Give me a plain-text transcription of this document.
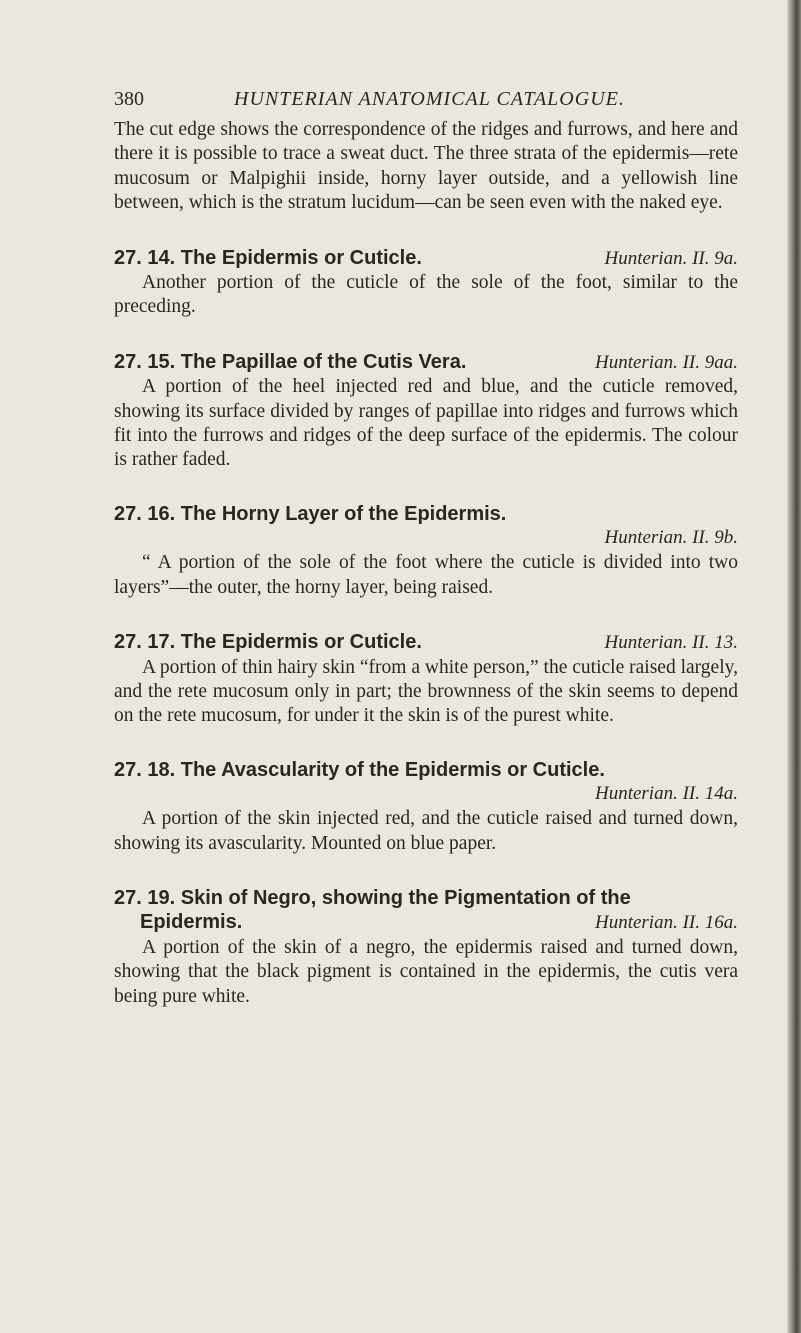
380	HUNTERIAN ANATOMICAL CATALOGUE.

The cut edge shows the correspondence of the ridges and furrows, and here and there it is possible to trace a sweat duct. The three strata of the epidermis—rete mucosum or Malpighii inside, horny layer outside, and a yellowish line between, which is the stratum lucidum—can be seen even with the naked eye.

27. 14. The Epidermis or Cuticle.	Hunterian. II. 9a.

Another portion of the cuticle of the sole of the foot, similar to the preceding.

27. 15. The Papillae of the Cutis Vera.	Hunterian. II. 9aa.

A portion of the heel injected red and blue, and the cuticle removed, showing its surface divided by ranges of papillae into ridges and furrows which fit into the furrows and ridges of the deep surface of the epidermis. The colour is rather faded.

27. 16. The Horny Layer of the Epidermis.
Hunterian. II. 9b.

“ A portion of the sole of the foot where the cuticle is divided into two layers”—the outer, the horny layer, being raised.

27. 17. The Epidermis or Cuticle.	Hunterian. II. 13.

A portion of thin hairy skin “from a white person,” the cuticle raised largely, and the rete mucosum only in part; the brownness of the skin seems to depend on the rete mucosum, for under it the skin is of the purest white.

27. 18. The Avascularity of the Epidermis or Cuticle.
Hunterian. II. 14a.

A portion of the skin injected red, and the cuticle raised and turned down, showing its avascularity. Mounted on blue paper.

27. 19. Skin of Negro, showing the Pigmentation of the
Epidermis.	Hunterian. II. 16a.

A portion of the skin of a negro, the epidermis raised and turned down, showing that the black pigment is contained in the epidermis, the cutis vera being pure white.
